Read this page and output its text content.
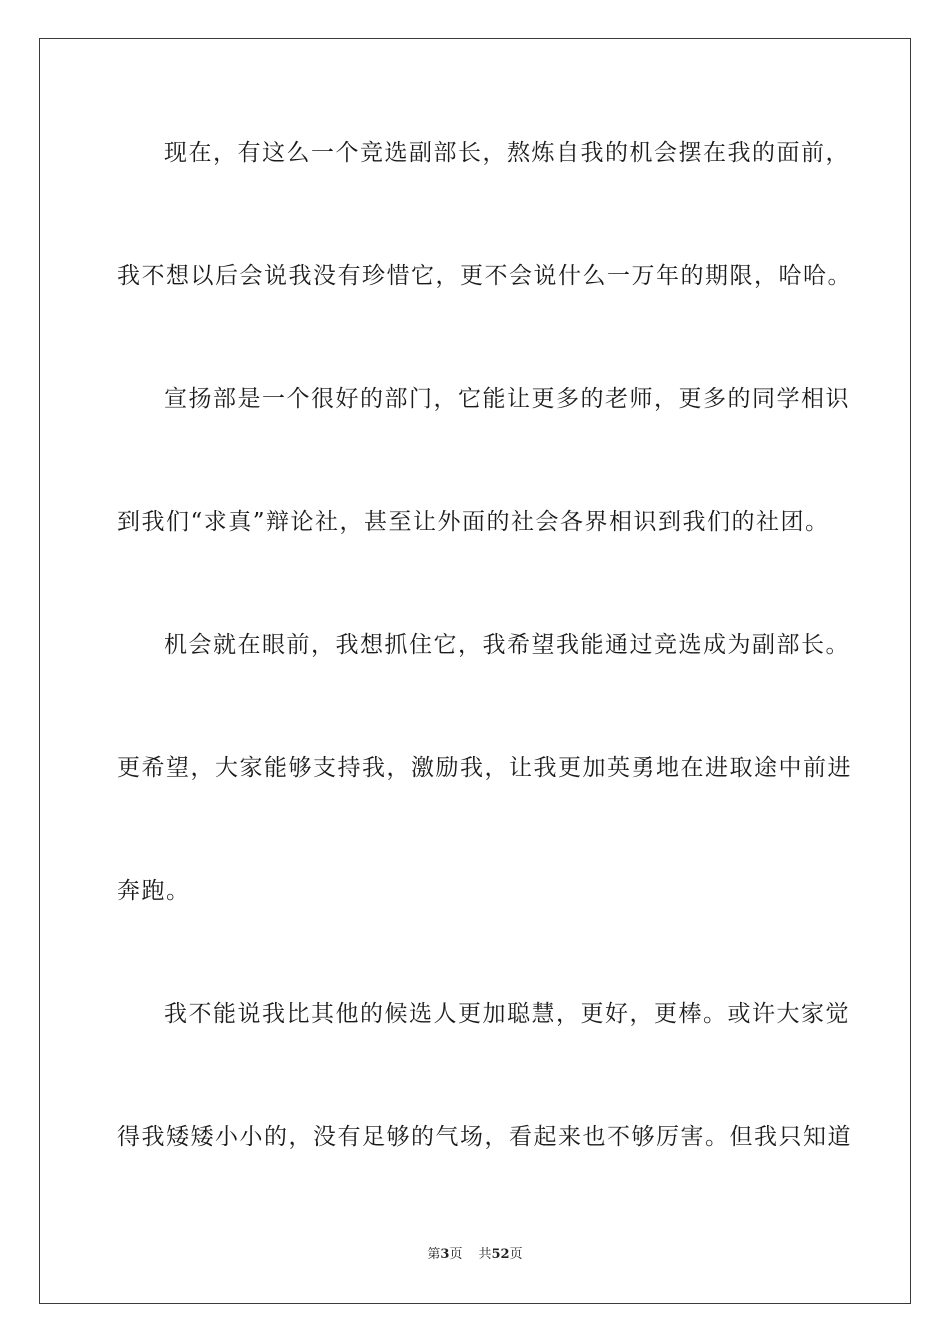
现在，有这么一个竞选副部长，熬炼自我的机会摆在我的面前，
我不想以后会说我没有珍惜它，更不会说什么一万年的期限，哈哈。
宣扬部是一个很好的部门，它能让更多的老师，更多的同学相识
到我们“求真”辩论社，甚至让外面的社会各界相识到我们的社团。
机会就在眼前，我想抓住它，我希望我能通过竞选成为副部长。
更希望，大家能够支持我，激励我，让我更加英勇地在进取途中前进
奔跑。
我不能说我比其他的候选人更加聪慧，更好，更棒。或许大家觉
得我矮矮小小的，没有足够的气场，看起来也不够厉害。但我只知道
第3页 共52页
